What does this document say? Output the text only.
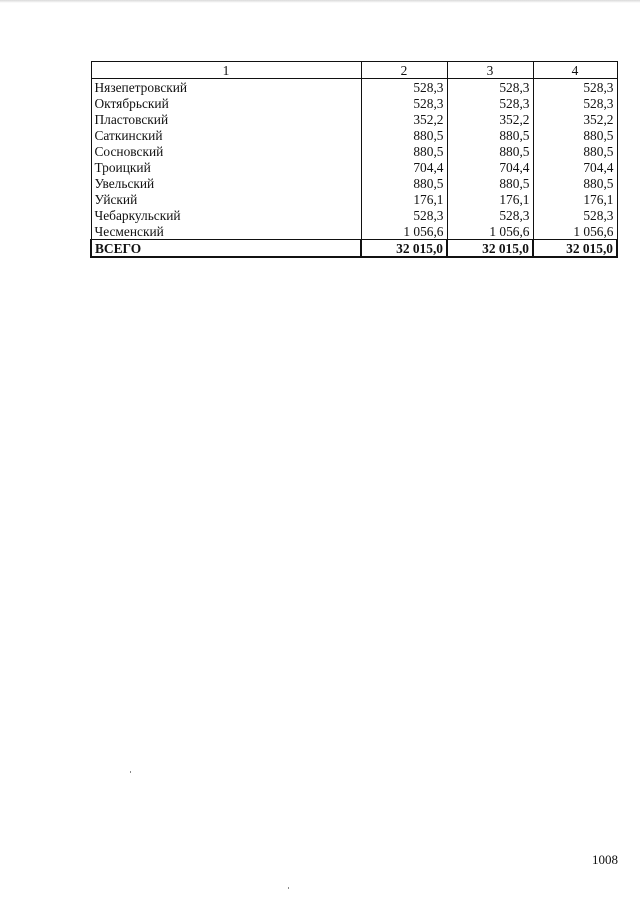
1	2	3	4
Нязепетровский	528,3	528,3	528,3
Октябрьский	528,3	528,3	528,3
Пластовский	352,2	352,2	352,2
Саткинский	880,5	880,5	880,5
Сосновский	880,5	880,5	880,5
Троицкий	704,4	704,4	704,4
Увельский	880,5	880,5	880,5
Уйский	176,1	176,1	176,1
Чебаркульский	528,3	528,3	528,3
Чесменский	1 056,6	1 056,6	1 056,6
ВСЕГО	32 015,0	32 015,0	32 015,0
1008
